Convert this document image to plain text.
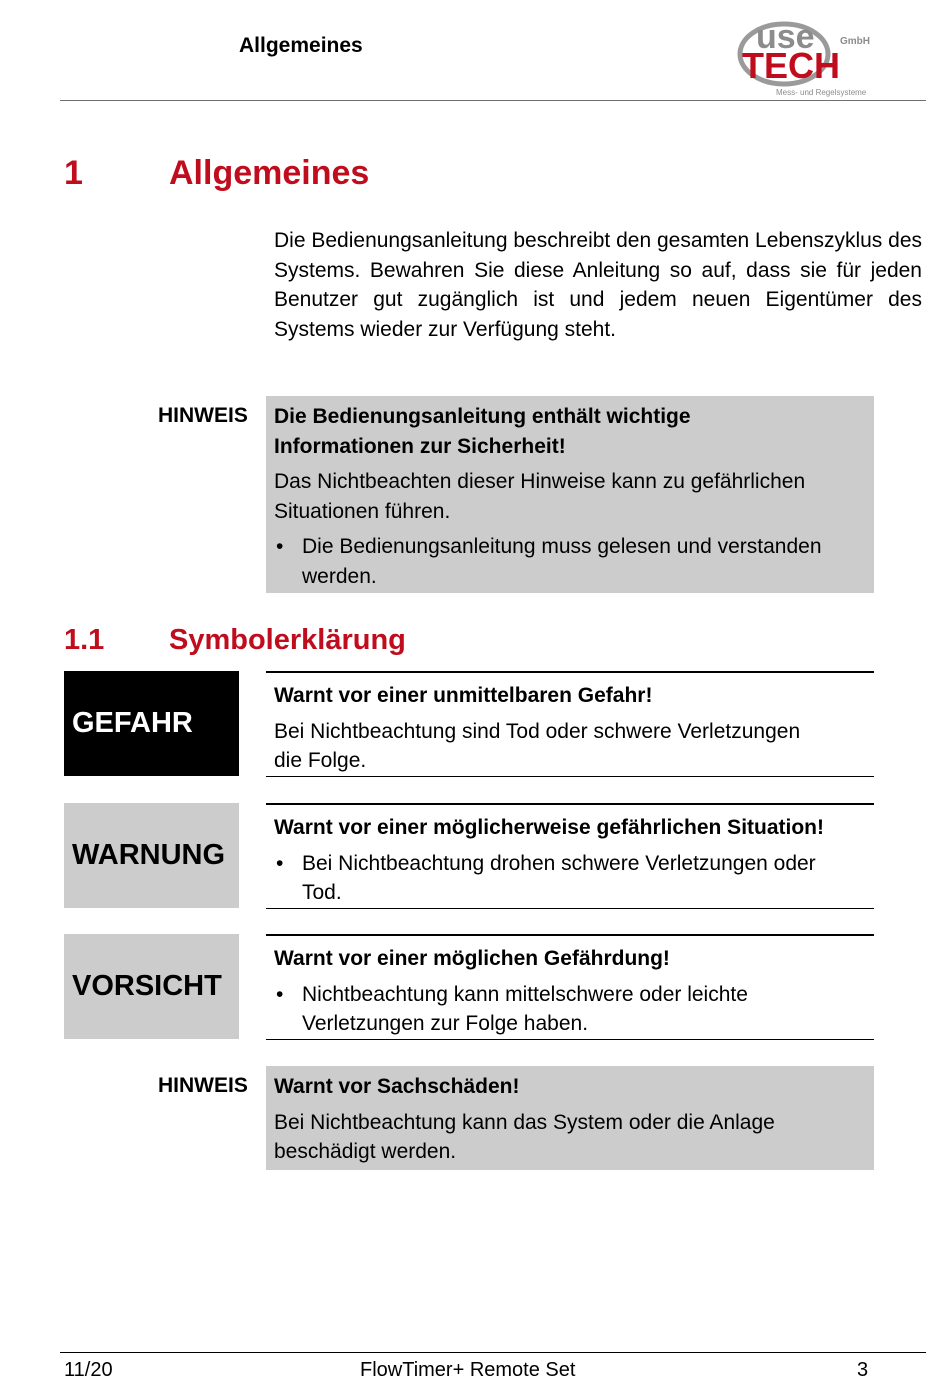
Allgemeines	use	GmbH
TECH
Mess- und Regelsysteme
1	Allgemeines
Die Bedienungsanleitung beschreibt den gesamten Lebenszyklus des Systems. Bewahren Sie diese Anleitung so auf, dass sie für jeden Benutzer gut zugänglich ist und jedem neuen Eigentümer des Systems wieder zur Verfügung steht.
HINWEIS Die Bedienungsanleitung enthält wichtige
Informationen zur Sicherheit!
Das Nichtbeachten dieser Hinweise kann zu gefährlichen
Situationen führen.
• Die Bedienungsanleitung muss gelesen und verstanden
werden.
1.1 Symbolerklärung
GEFAHR
Warnt vor einer unmittelbaren Gefahr!
Bei Nichtbeachtung sind Tod oder schwere Verletzungen
die Folge.
WARNUNG
Warnt vor einer möglicherweise gefährlichen Situation!
• Bei Nichtbeachtung drohen schwere Verletzungen oder
Tod.
VORSICHT
Warnt vor einer möglichen Gefährdung!
• Nichtbeachtung kann mittelschwere oder leichte
Verletzungen zur Folge haben.
HINWEIS Warnt vor Sachschäden!
Bei Nichtbeachtung kann das System oder die Anlage
beschädigt werden.
11/20	FlowTimer+ Remote Set	3
